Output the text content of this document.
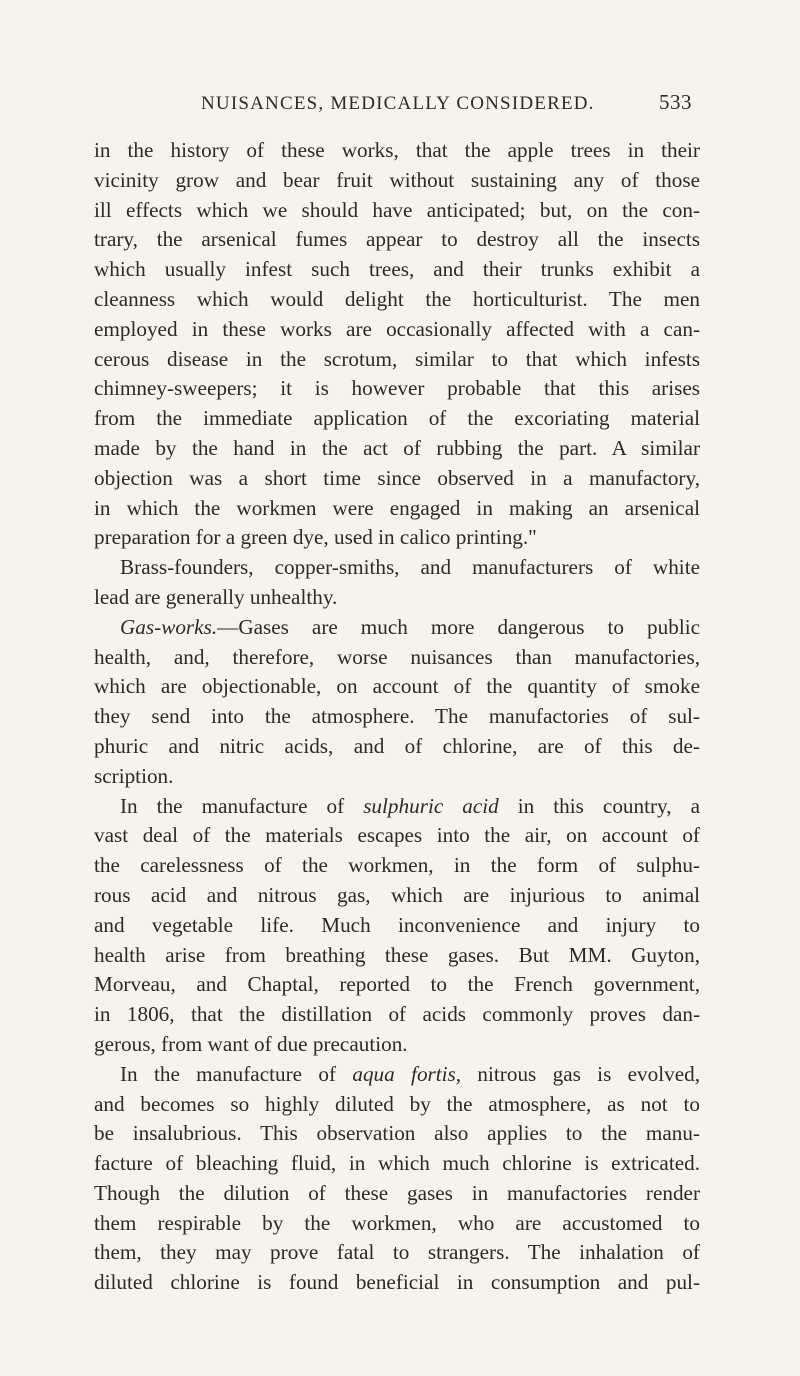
NUISANCES, MEDICALLY CONSIDERED.	533

in the history of these works, that the apple trees in their

vicinity grow and bear fruit without sustaining any of those

ill effects which we should have anticipated; but, on the con-

trary, the arsenical fumes appear to destroy all the insects

which usually infest such trees, and their trunks exhibit a

cleanness which would delight the horticulturist. The men

employed in these works are occasionally affected with a can-

cerous disease in the scrotum, similar to that which infests

chimney-sweepers; it is however probable that this arises

from the immediate application of the excoriating material

made by the hand in the act of rubbing the part. A similar

objection was a short time since observed in a manufactory,

in which the workmen were engaged in making an arsenical

preparation for a green dye, used in calico printing."

Brass-founders, copper-smiths, and manufacturers of white

lead are generally unhealthy.

Gas-works.—Gases are much more dangerous to public

health, and, therefore, worse nuisances than manufactories,

which are objectionable, on account of the quantity of smoke

they send into the atmosphere. The manufactories of sul-

phuric and nitric acids, and of chlorine, are of this de-

scription.

In the manufacture of sulphuric acid in this country, a

vast deal of the materials escapes into the air, on account of

the carelessness of the workmen, in the form of sulphu-

rous acid and nitrous gas, which are injurious to animal

and vegetable life. Much inconvenience and injury to

health arise from breathing these gases. But MM. Guyton,

Morveau, and Chaptal, reported to the French government,

in 1806, that the distillation of acids commonly proves dan-

gerous, from want of due precaution.

In the manufacture of aqua fortis, nitrous gas is evolved,

and becomes so highly diluted by the atmosphere, as not to

be insalubrious. This observation also applies to the manu-

facture of bleaching fluid, in which much chlorine is extricated.

Though the dilution of these gases in manufactories render

them respirable by the workmen, who are accustomed to

them, they may prove fatal to strangers. The inhalation of

diluted chlorine is found beneficial in consumption and pul-
